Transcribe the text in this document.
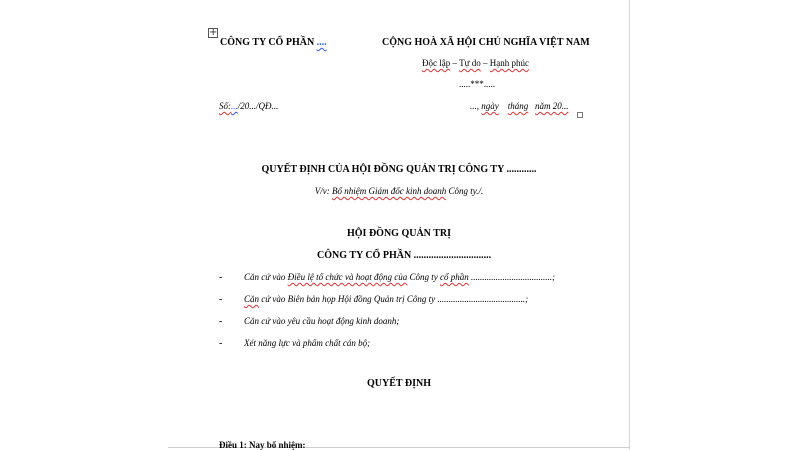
+
CÔNG TY CỔ PHẦN ....	CỘNG HOÀ XÃ HỘI CHỦ NGHĨA VIỆT NAM
Độc lập – Tự do – Hạnh phúc
.....***.....
Số:.../20.../QĐ...	..., ngày tháng năm 20...
QUYẾT ĐỊNH CỦA HỘI ĐỒNG QUẢN TRỊ CÔNG TY ............
V/v: Bổ nhiệm Giám đốc kinh doanh Công ty./.
HỘI ĐỒNG QUẢN TRỊ
CÔNG TY CỔ PHẦN ...............................
- Căn cứ vào Điều lệ tổ chức và hoạt động của Công ty cổ phần ....................................;
- Căn cứ vào Biên bản họp Hội đồng Quản trị Công ty .......................................;
- Căn cứ vào yêu cầu hoạt động kinh doanh;
- Xét năng lực và phẩm chất cán bộ;
QUYẾT ĐỊNH
Điều 1: Nay bổ nhiệm:
